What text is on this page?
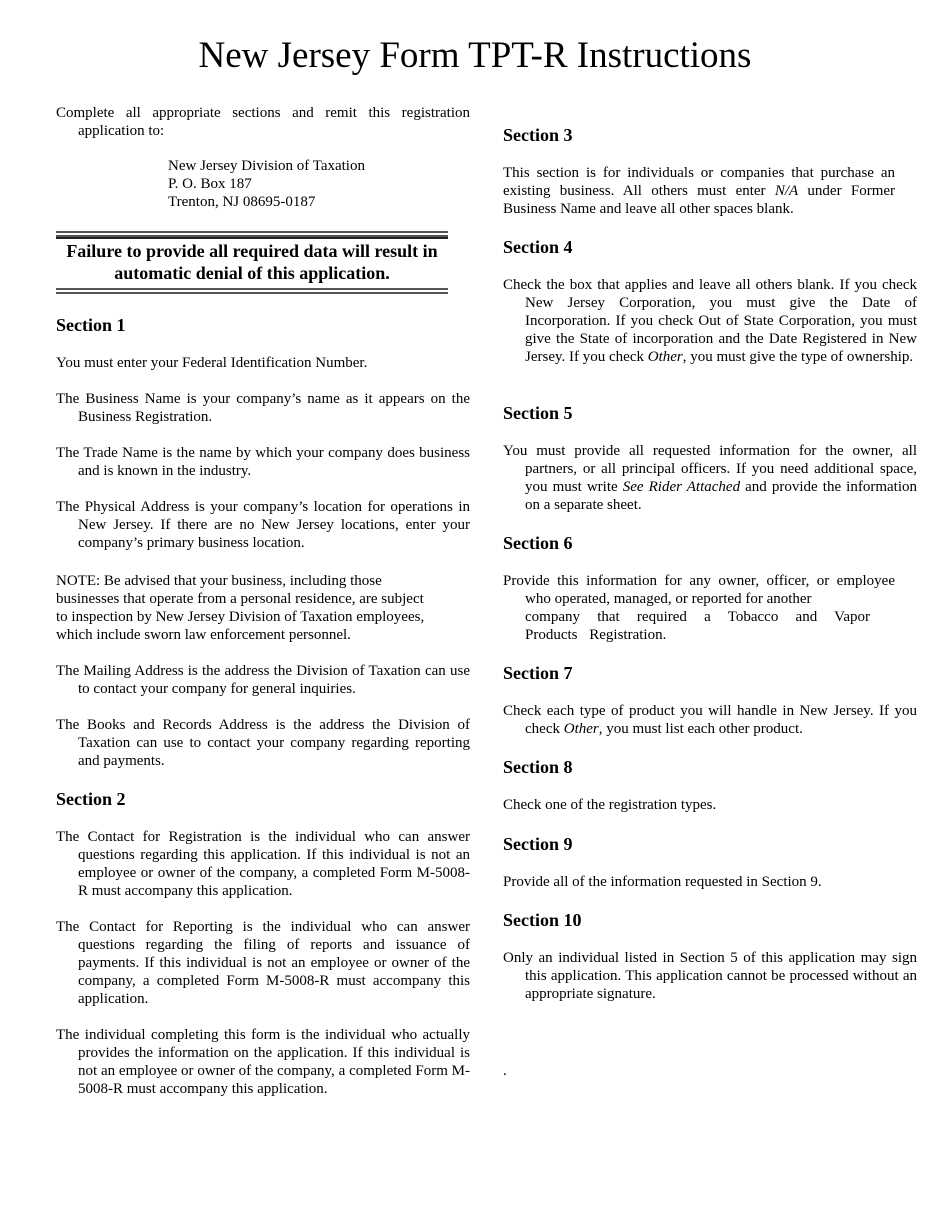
New Jersey Form TPT-R Instructions

Complete all appropriate sections and remit this registration application to:

New Jersey Division of Taxation
P. O. Box 187
Trenton, NJ 08695-0187
Failure to provide all required data will result in automatic denial of this application.
Section 1

You must enter your Federal Identification Number.

The Business Name is your company’s name as it appears on the Business Registration.

The Trade Name is the name by which your company does business and is known in the industry.

The Physical Address is your company’s location for operations in New Jersey. If there are no New Jersey locations, enter your company’s primary business location.

NOTE: Be advised that your business, including those
businesses that operate from a personal residence, are subject
to inspection by New Jersey Division of Taxation employees,
which include sworn law enforcement personnel.

The Mailing Address is the address the Division of Taxation can use to contact your company for general inquiries.

The Books and Records Address is the address the Division of Taxation can use to contact your company regarding reporting and payments.

Section 2

The Contact for Registration is the individual who can answer questions regarding this application. If this individual is not an employee or owner of the company, a completed Form M-5008-R must accompany this application.

The Contact for Reporting is the individual who can answer questions regarding the filing of reports and issuance of payments. If this individual is not an employee or owner of the company, a completed Form M-5008-R must accompany this application.

The individual completing this form is the individual who actually provides the information on the application. If this individual is not an employee or owner of the company, a completed Form M-5008-R must accompany this application.

Section 3

This section is for individuals or companies that purchase an existing business. All others must enter N/A under Former Business Name and leave all other spaces blank.

Section 4

Check the box that applies and leave all others blank. If you check New Jersey Corporation, you must give the Date of Incorporation. If you check Out of State Corporation, you must give the State of incorporation and the Date Registered in New Jersey. If you check Other, you must give the type of ownership.

Section 5

You must provide all requested information for the owner, all partners, or all principal officers. If you need additional space, you must write See Rider Attached and provide the information on a separate sheet.

Section 6
Provide this information for any owner, officer, or employee
who operated, managed, or reported for another
company that required a Tobacco and Vapor
Products Registration.
Section 7

Check each type of product you will handle in New Jersey. If you check Other, you must list each other product.

Section 8

Check one of the registration types.

Section 9

Provide all of the information requested in Section 9.

Section 10

Only an individual listed in Section 5 of this application may sign this application. This application cannot be processed without an appropriate signature.

.
